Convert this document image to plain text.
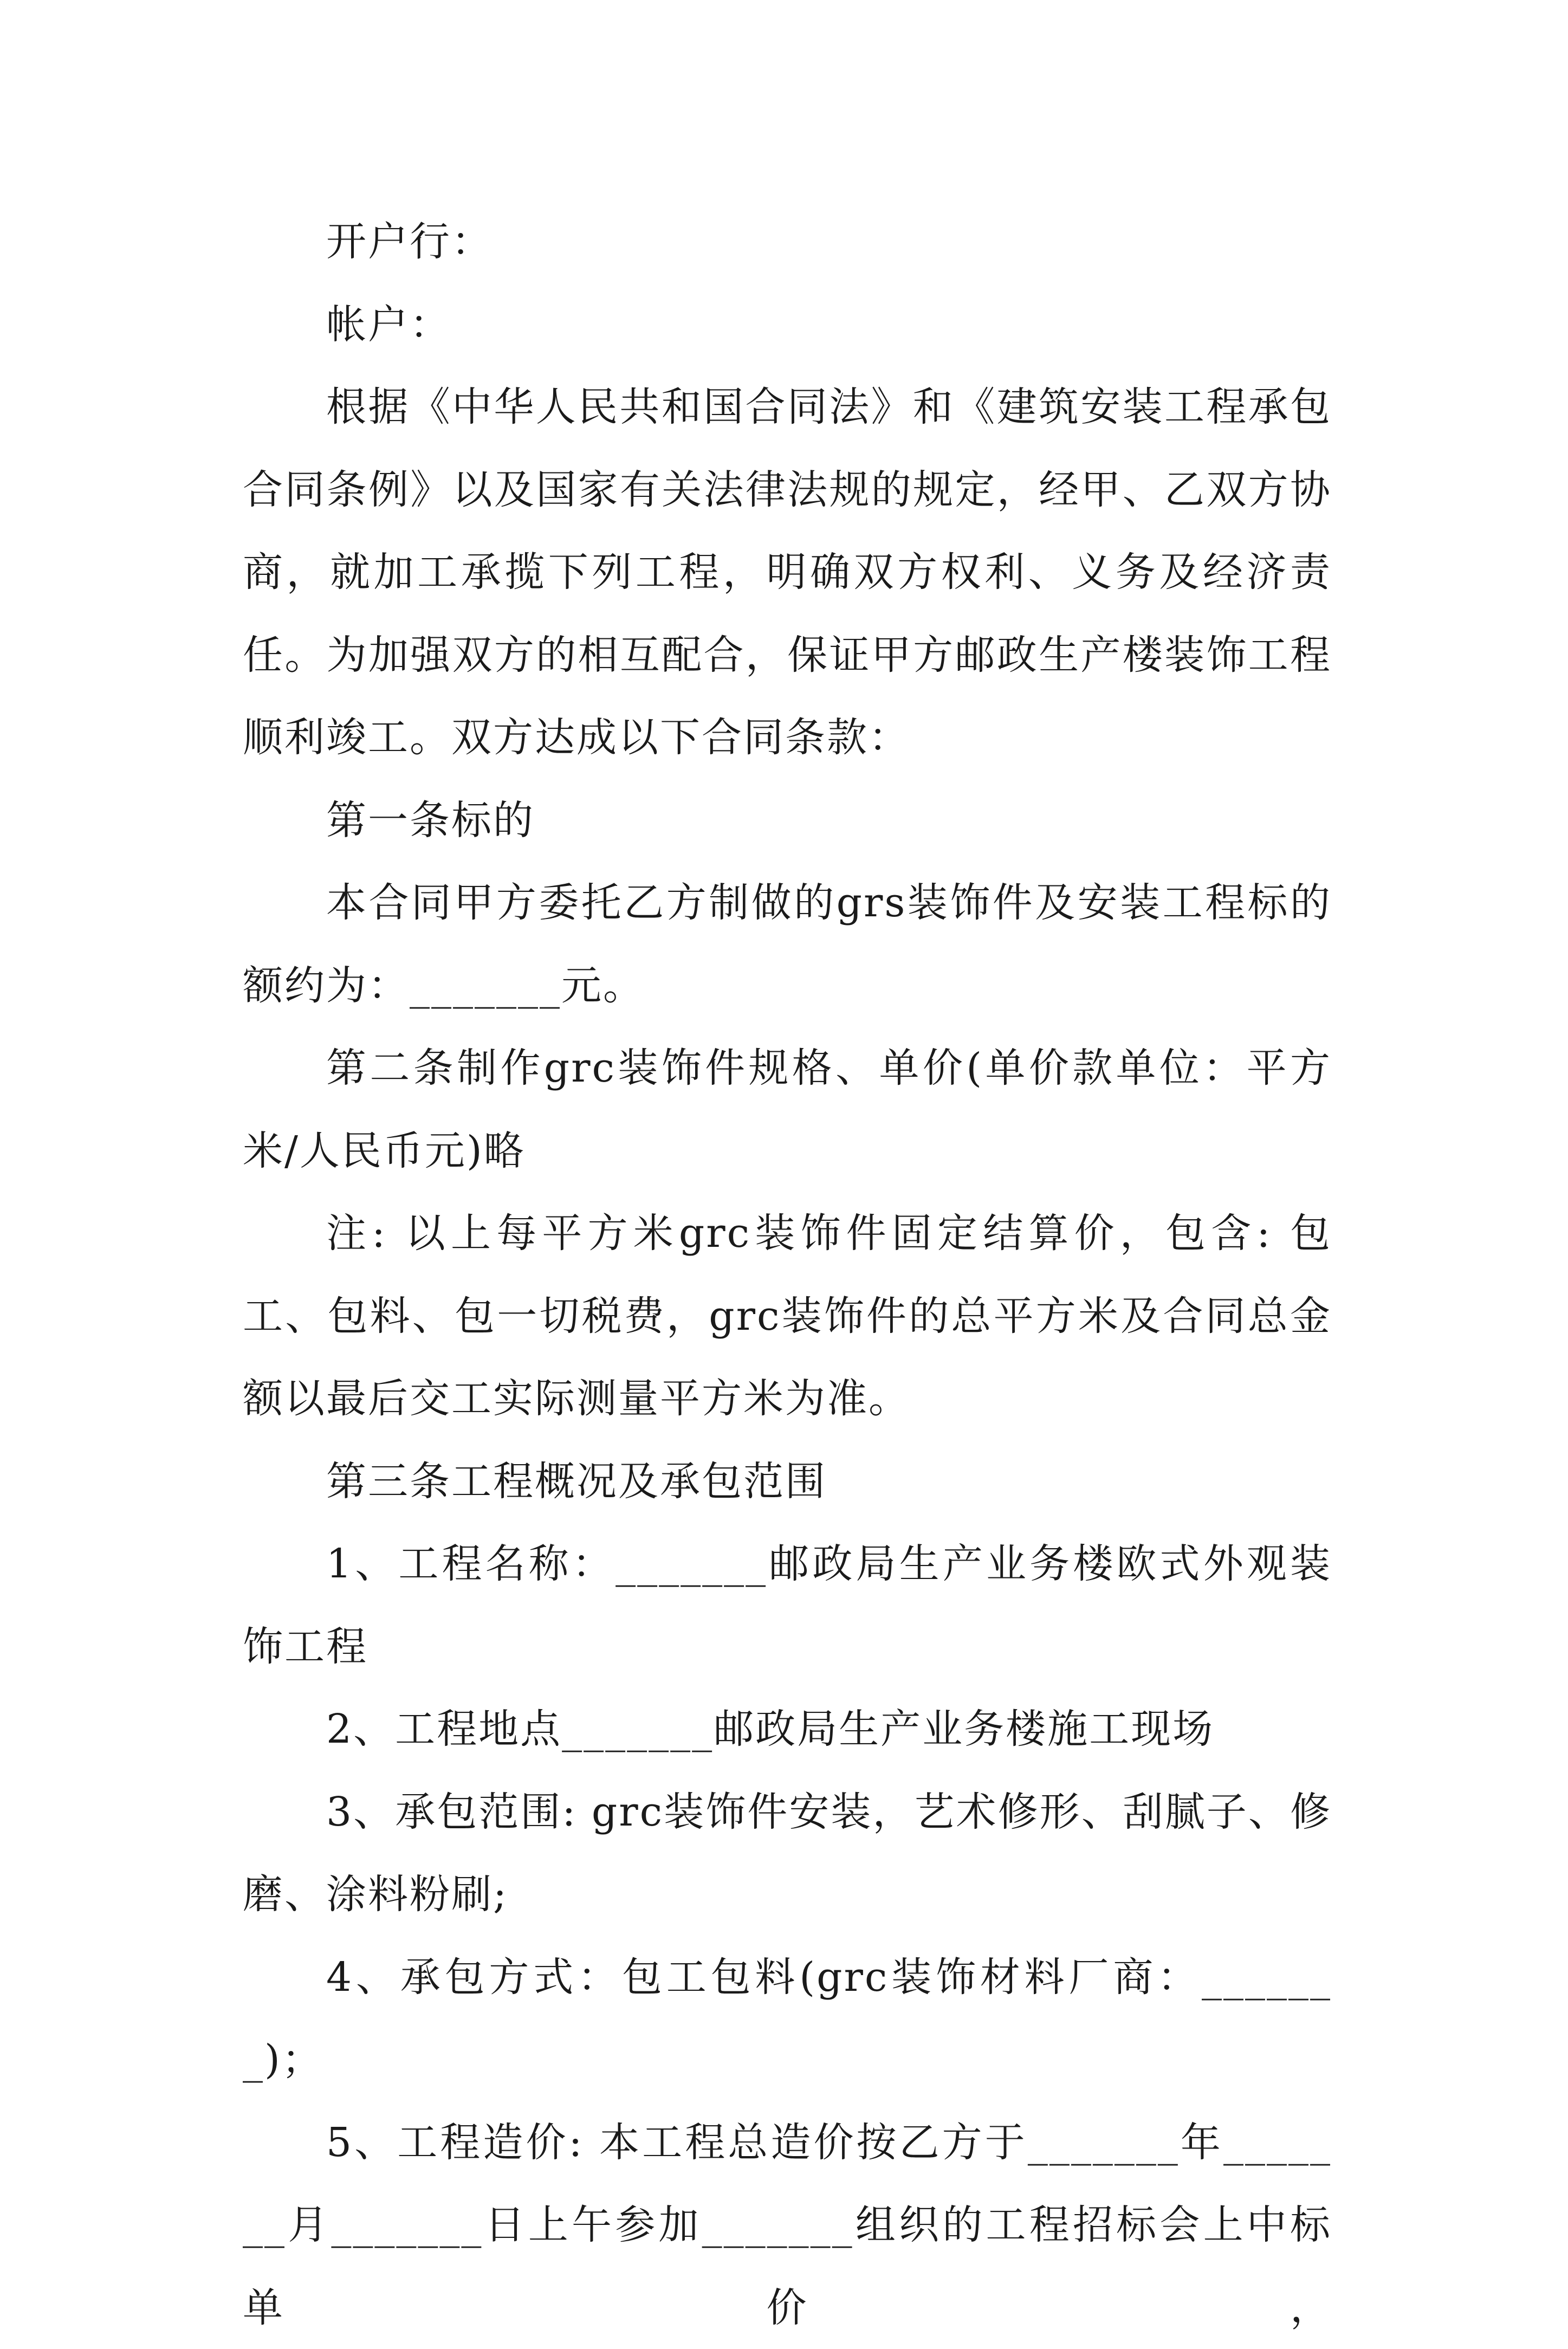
开户行：

帐户：

根据《中华人民共和国合同法》和《建筑安装工程承包合同条例》以及国家有关法律法规的规定，经甲、乙双方协商，就加工承揽下列工程，明确双方权利、义务及经济责任。为加强双方的相互配合，保证甲方邮政生产楼装饰工程顺利竣工。双方达成以下合同条款：

第一条标的

本合同甲方委托乙方制做的grs装饰件及安装工程标的额约为：_______元。

第二条制作grc装饰件规格、单价(单价款单位：平方米/人民币元)略

注: 以上每平方米grc装饰件固定结算价，包含: 包工、包料、包一切税费，grc装饰件的总平方米及合同总金额以最后交工实际测量平方米为准。

第三条工程概况及承包范围

1、工程名称：_______邮政局生产业务楼欧式外观装饰工程

2、工程地点_______邮政局生产业务楼施工现场

3、承包范围: grc装饰件安装，艺术修形、刮腻子、修磨、涂料粉刷;

4、承包方式：包工包料(grc装饰材料厂商：_______)；

5、工程造价: 本工程总造价按乙方于_______年_______月_______日上午参加_______组织的工程招标会上中标单价，
